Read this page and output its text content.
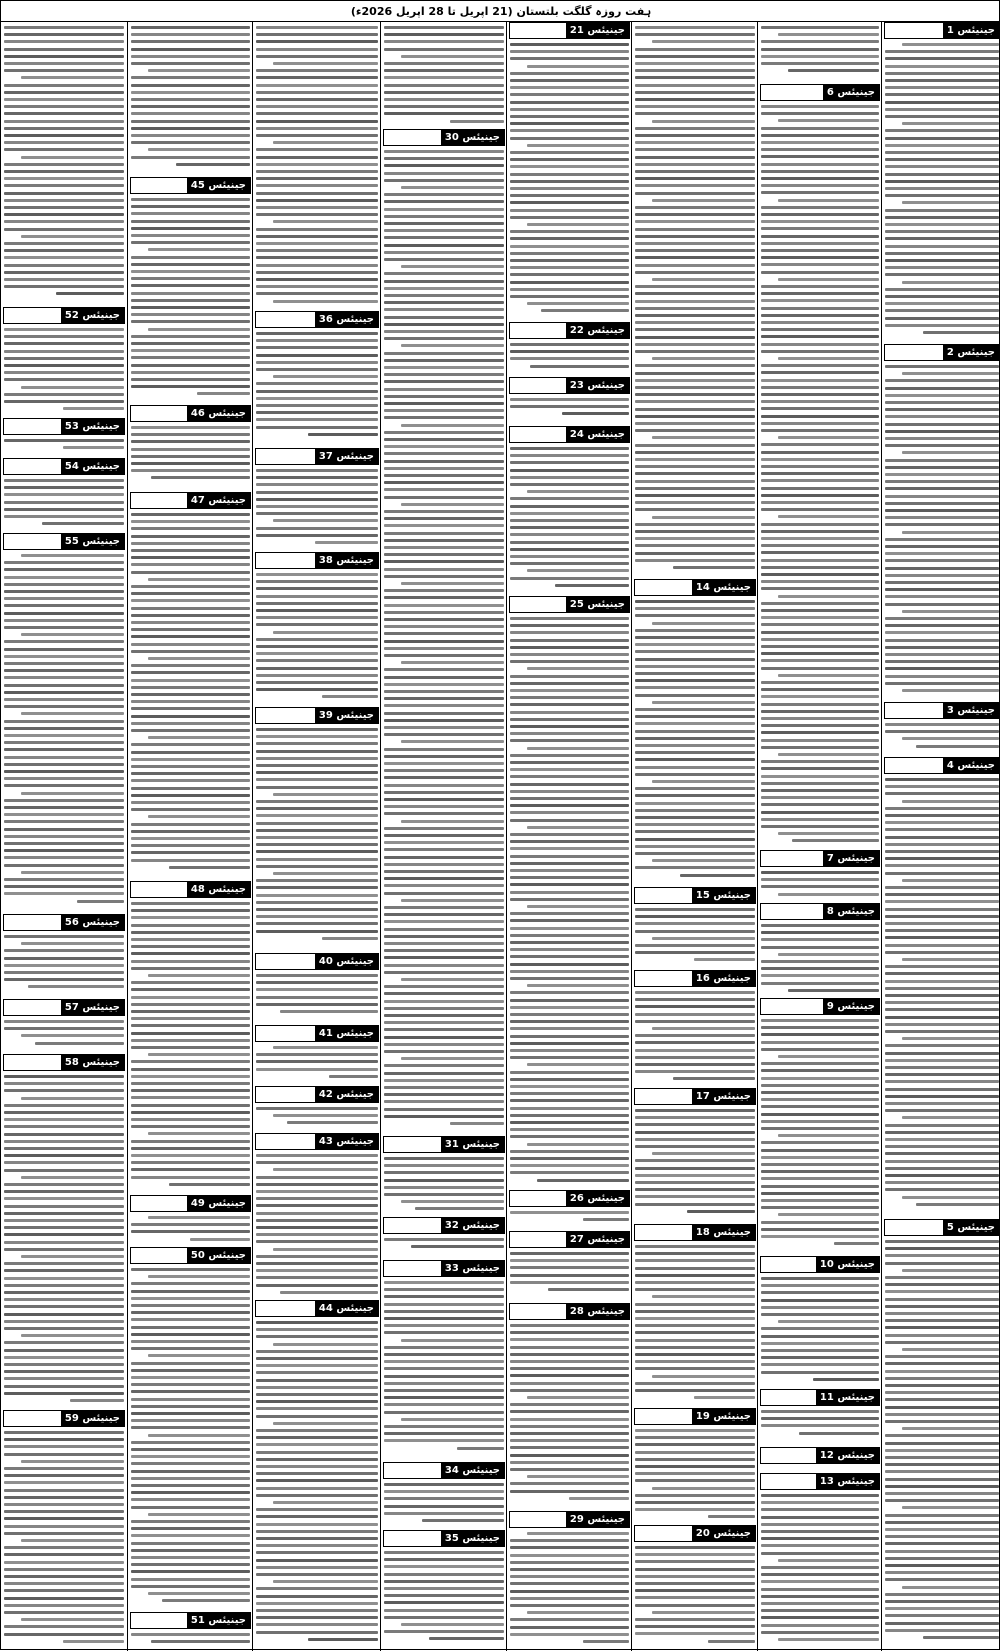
ہفت روزہ گلگت بلتستان (21 اپریل تا 28 اپریل 2026ء)
جینیئس 1
جینیئس 2
جینیئس 3
جینیئس 4
جینیئس 5
جینیئس 6
جینیئس 7
جینیئس 8
جینیئس 9
جینیئس 10
جینیئس 11
جینیئس 12
جینیئس 13
جینیئس 14
جینیئس 15
جینیئس 16
جینیئس 17
جینیئس 18
جینیئس 19
جینیئس 20
جینیئس 21
جینیئس 22
جینیئس 23
جینیئس 24
جینیئس 25
جینیئس 26
جینیئس 27
جینیئس 28
جینیئس 29
جینیئس 30
جینیئس 31
جینیئس 32
جینیئس 33
جینیئس 34
جینیئس 35
جینیئس 36
جینیئس 37
جینیئس 38
جینیئس 39
جینیئس 40
جینیئس 41
جینیئس 42
جینیئس 43
جینیئس 44
جینیئس 45
جینیئس 46
جینیئس 47
جینیئس 48
جینیئس 49
جینیئس 50
جینیئس 51
جینیئس 52
جینیئس 53
جینیئس 54
جینیئس 55
جینیئس 56
جینیئس 57
جینیئس 58
جینیئس 59
